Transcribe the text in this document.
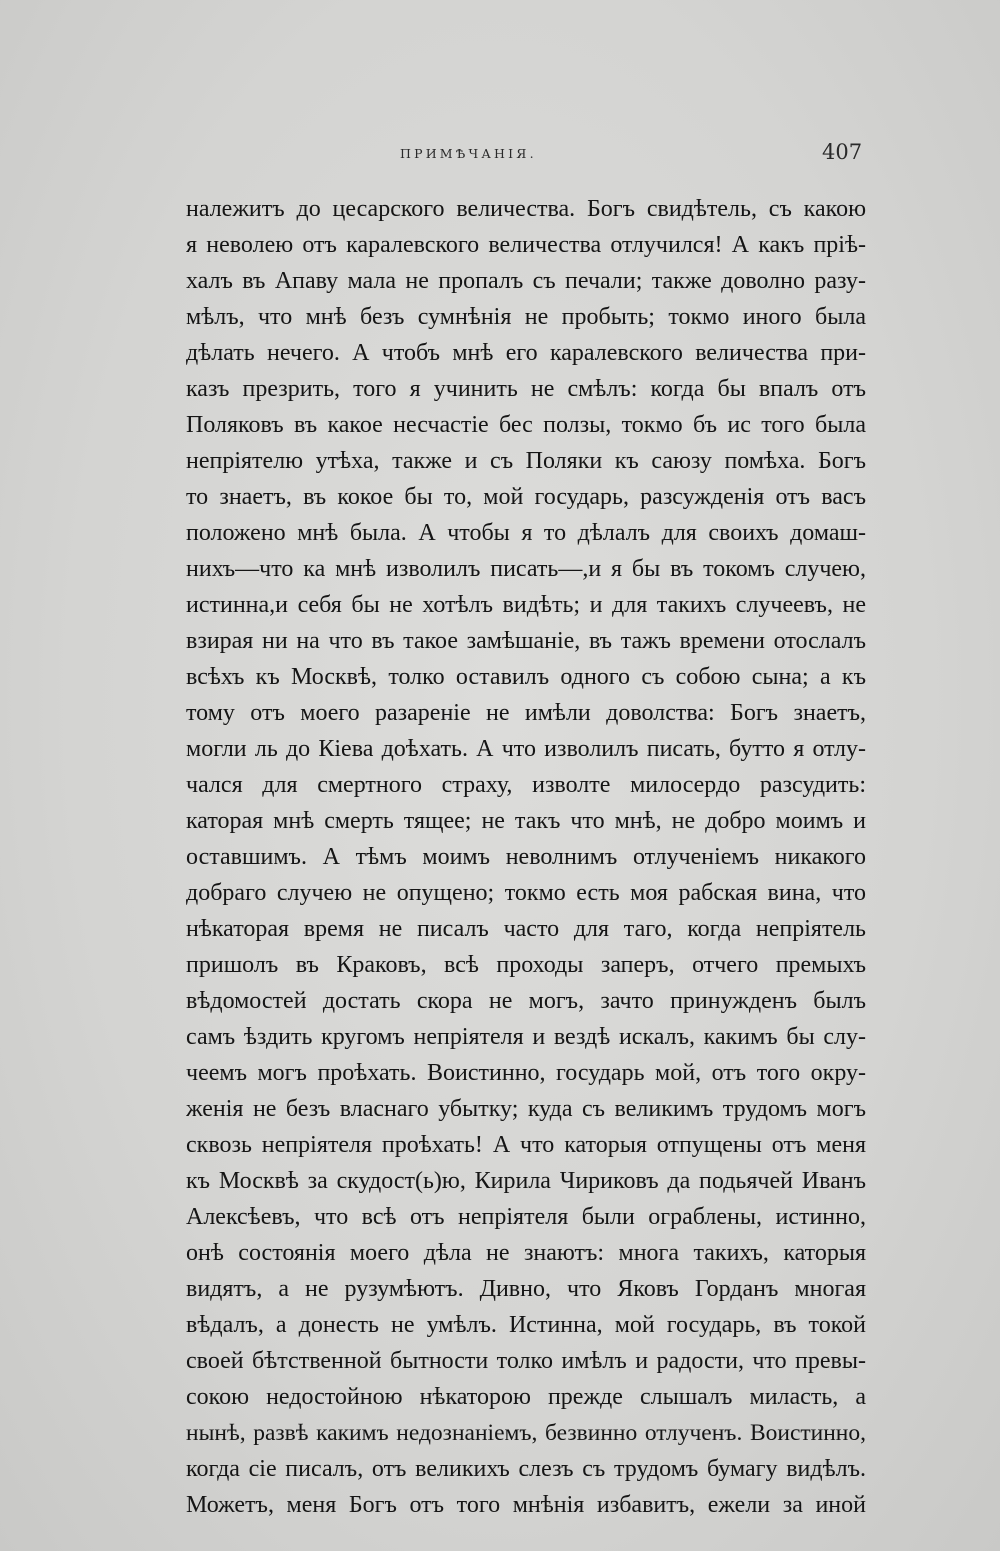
ПРИМѢЧАНІЯ.	407
належитъ до цесарского величества. Богъ свидѣтель, съ какою
я неволею отъ каралевского величества отлучился! А какъ пріѣ-
халъ въ Апаву мала не пропалъ съ печали; также доволно разу-
мѣлъ, что мнѣ безъ сумнѣнія не пробыть; токмо иного была
дѣлать нечего. А чтобъ мнѣ его каралевского величества при-
казъ презрить, того я учинить не смѣлъ: когда бы впалъ отъ
Поляковъ въ какое несчастіе бес ползы, токмо бъ ис того была
непріятелю утѣха, также и съ Поляки къ саюзу помѣха. Богъ
то знаетъ, въ кокое бы то, мой государь, разсужденія отъ васъ
положено мнѣ была. А чтобы я то дѣлалъ для своихъ домаш-
нихъ—что ка мнѣ изволилъ писать—,и я бы въ токомъ случею,
истинна,и себя бы не хотѣлъ видѣть; и для такихъ случеевъ, не
взирая ни на что въ такое замѣшаніе, въ тажъ времени отослалъ
всѣхъ къ Москвѣ, толко оставилъ одного съ собою сына; а къ
тому отъ моего разареніе не имѣли доволства: Богъ знаетъ,
могли ль до Кіева доѣхать. А что изволилъ писать, бутто я отлу-
чался для смертного страху, изволте милосердо разсудить:
каторая мнѣ смерть тящее; не такъ что мнѣ, не добро моимъ и
оставшимъ. А тѣмъ моимъ неволнимъ отлученіемъ никакого
добраго случею не опущено; токмо есть моя рабская вина, что
нѣкаторая время не писалъ часто для таго, когда непріятель
пришолъ въ Краковъ, всѣ проходы заперъ, отчего премыхъ
вѣдомостей достать скора не могъ, зачто принужденъ былъ
самъ ѣздить кругомъ непріятеля и вездѣ искалъ, какимъ бы слу-
чеемъ могъ проѣхать. Воистинно, государь мой, отъ того окру-
женія не безъ власнаго убытку; куда съ великимъ трудомъ могъ
сквозь непріятеля проѣхать! А что каторыя отпущены отъ меня
къ Москвѣ за скудост(ь)ю, Кирила Чириковъ да подьячей Иванъ
Алексѣевъ, что всѣ отъ непріятеля были ограблены, истинно,
онѣ состоянія моего дѣла не знаютъ: многа такихъ, каторыя
видятъ, а не рузумѣютъ. Дивно, что Яковъ Горданъ многая
вѣдалъ, а донесть не умѣлъ. Истинна, мой государь, въ токой
своей бѣтственной бытности толко имѣлъ и радости, что превы-
сокою недостойною нѣкаторою прежде слышалъ миласть, а
нынѣ, развѣ какимъ недознаніемъ, безвинно отлученъ. Воистинно,
когда сіе писалъ, отъ великихъ слезъ съ трудомъ бумагу видѣлъ.
Можетъ, меня Богъ отъ того мнѣнія избавитъ, ежели за иной
